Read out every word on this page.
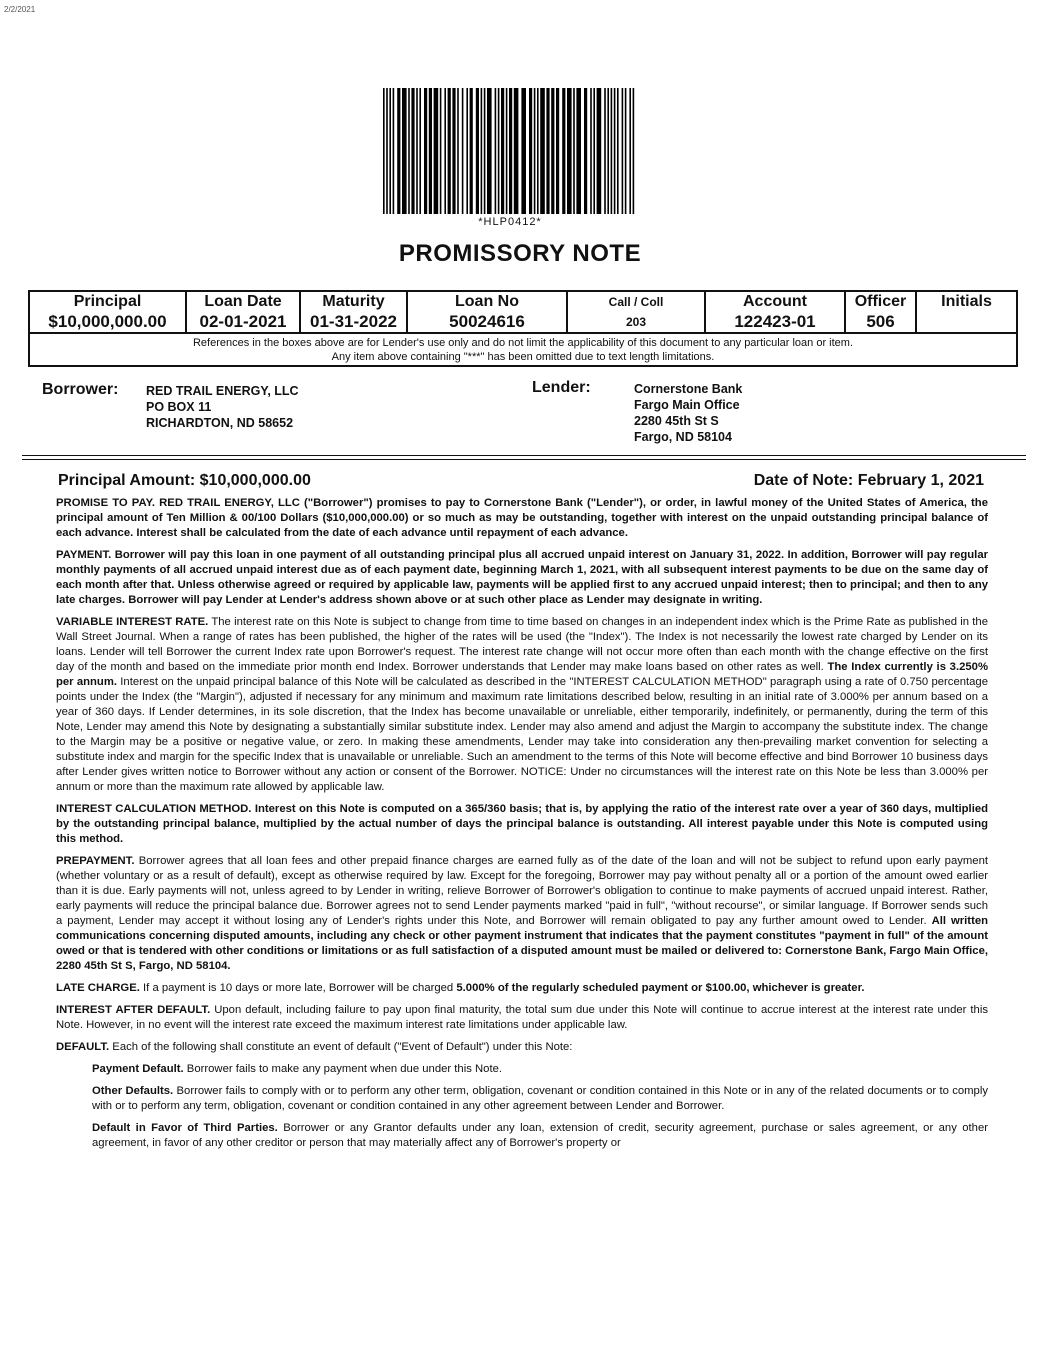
2/2/2021
*HLP0412*
PROMISSORY NOTE
Principal	Loan Date	Maturity	Loan No	Call / Coll	Account	Officer	Initials
$10,000,000.00	02-01-2021	01-31-2022	50024616	203	122423-01	506	

References in the boxes above are for Lender's use only and do not limit the applicability of this document to any particular loan or item.
Any item above containing "***" has been omitted due to text length limitations.							
Borrower: RED TRAIL ENERGY, LLC
PO BOX 11
RICHARDTON, ND 58652
Lender:	Cornerstone Bank
Fargo Main Office
2280 45th St S
Fargo, ND 58104
Principal Amount: $10,000,000.00	Date of Note: February 1, 2021

PROMISE TO PAY. RED TRAIL ENERGY, LLC ("Borrower") promises to pay to Cornerstone Bank ("Lender"), or order, in lawful money of the United States of America, the principal amount of Ten Million & 00/100 Dollars ($10,000,000.00) or so much as may be outstanding, together with interest on the unpaid outstanding principal balance of each advance. Interest shall be calculated from the date of each advance until repayment of each advance.

PAYMENT. Borrower will pay this loan in one payment of all outstanding principal plus all accrued unpaid interest on January 31, 2022. In addition, Borrower will pay regular monthly payments of all accrued unpaid interest due as of each payment date, beginning March 1, 2021, with all subsequent interest payments to be due on the same day of each month after that. Unless otherwise agreed or required by applicable law, payments will be applied first to any accrued unpaid interest; then to principal; and then to any late charges. Borrower will pay Lender at Lender's address shown above or at such other place as Lender may designate in writing.

VARIABLE INTEREST RATE. The interest rate on this Note is subject to change from time to time based on changes in an independent index which is the Prime Rate as published in the Wall Street Journal. When a range of rates has been published, the higher of the rates will be used (the "Index"). The Index is not necessarily the lowest rate charged by Lender on its loans. Lender will tell Borrower the current Index rate upon Borrower's request. The interest rate change will not occur more often than each month with the change effective on the first day of the month and based on the immediate prior month end Index. Borrower understands that Lender may make loans based on other rates as well. The Index currently is 3.250% per annum. Interest on the unpaid principal balance of this Note will be calculated as described in the "INTEREST CALCULATION METHOD" paragraph using a rate of 0.750 percentage points under the Index (the "Margin"), adjusted if necessary for any minimum and maximum rate limitations described below, resulting in an initial rate of 3.000% per annum based on a year of 360 days. If Lender determines, in its sole discretion, that the Index has become unavailable or unreliable, either temporarily, indefinitely, or permanently, during the term of this Note, Lender may amend this Note by designating a substantially similar substitute index. Lender may also amend and adjust the Margin to accompany the substitute index. The change to the Margin may be a positive or negative value, or zero. In making these amendments, Lender may take into consideration any then-prevailing market convention for selecting a substitute index and margin for the specific Index that is unavailable or unreliable. Such an amendment to the terms of this Note will become effective and bind Borrower 10 business days after Lender gives written notice to Borrower without any action or consent of the Borrower. NOTICE: Under no circumstances will the interest rate on this Note be less than 3.000% per annum or more than the maximum rate allowed by applicable law.

INTEREST CALCULATION METHOD. Interest on this Note is computed on a 365/360 basis; that is, by applying the ratio of the interest rate over a year of 360 days, multiplied by the outstanding principal balance, multiplied by the actual number of days the principal balance is outstanding. All interest payable under this Note is computed using this method.

PREPAYMENT. Borrower agrees that all loan fees and other prepaid finance charges are earned fully as of the date of the loan and will not be subject to refund upon early payment (whether voluntary or as a result of default), except as otherwise required by law. Except for the foregoing, Borrower may pay without penalty all or a portion of the amount owed earlier than it is due. Early payments will not, unless agreed to by Lender in writing, relieve Borrower of Borrower's obligation to continue to make payments of accrued unpaid interest. Rather, early payments will reduce the principal balance due. Borrower agrees not to send Lender payments marked "paid in full", "without recourse", or similar language. If Borrower sends such a payment, Lender may accept it without losing any of Lender's rights under this Note, and Borrower will remain obligated to pay any further amount owed to Lender. All written communications concerning disputed amounts, including any check or other payment instrument that indicates that the payment constitutes "payment in full" of the amount owed or that is tendered with other conditions or limitations or as full satisfaction of a disputed amount must be mailed or delivered to: Cornerstone Bank, Fargo Main Office, 2280 45th St S, Fargo, ND 58104.

LATE CHARGE. If a payment is 10 days or more late, Borrower will be charged 5.000% of the regularly scheduled payment or $100.00, whichever is greater.

INTEREST AFTER DEFAULT. Upon default, including failure to pay upon final maturity, the total sum due under this Note will continue to accrue interest at the interest rate under this Note. However, in no event will the interest rate exceed the maximum interest rate limitations under applicable law.

DEFAULT. Each of the following shall constitute an event of default ("Event of Default") under this Note:

Payment Default. Borrower fails to make any payment when due under this Note.

Other Defaults. Borrower fails to comply with or to perform any other term, obligation, covenant or condition contained in this Note or in any of the related documents or to comply with or to perform any term, obligation, covenant or condition contained in any other agreement between Lender and Borrower.

Default in Favor of Third Parties. Borrower or any Grantor defaults under any loan, extension of credit, security agreement, purchase or sales agreement, or any other agreement, in favor of any other creditor or person that may materially affect any of Borrower's property or
